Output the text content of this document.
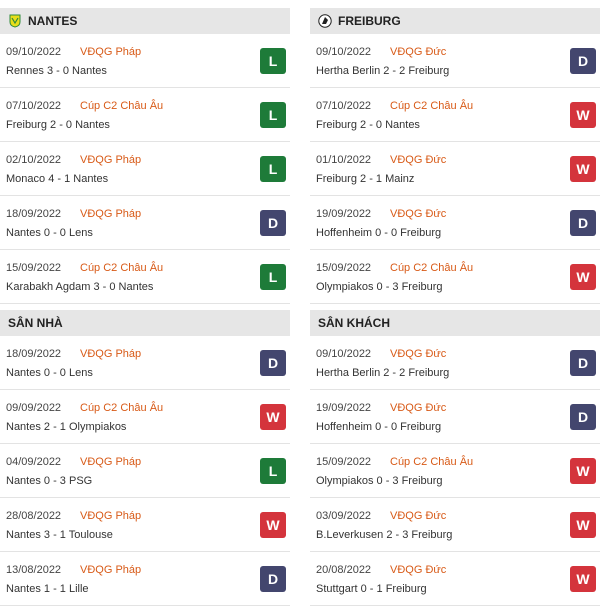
NANTES
09/10/2022 VĐQG Pháp
Rennes 3 - 0 Nantes
L
07/10/2022 Cúp C2 Châu Âu
Freiburg 2 - 0 Nantes
L
02/10/2022 VĐQG Pháp
Monaco 4 - 1 Nantes
L
18/09/2022 VĐQG Pháp
Nantes 0 - 0 Lens
D
15/09/2022 Cúp C2 Châu Âu
Karabakh Agdam 3 - 0 Nantes
L
SÂN NHÀ
18/09/2022 VĐQG Pháp
Nantes 0 - 0 Lens
D
09/09/2022 Cúp C2 Châu Âu
Nantes 2 - 1 Olympiakos
W
04/09/2022 VĐQG Pháp
Nantes 0 - 3 PSG
L
28/08/2022 VĐQG Pháp
Nantes 3 - 1 Toulouse
W
13/08/2022 VĐQG Pháp
Nantes 1 - 1 Lille
D
FREIBURG
09/10/2022 VĐQG Đức
Hertha Berlin 2 - 2 Freiburg
D
07/10/2022 Cúp C2 Châu Âu
Freiburg 2 - 0 Nantes
W
01/10/2022 VĐQG Đức
Freiburg 2 - 1 Mainz
W
19/09/2022 VĐQG Đức
Hoffenheim 0 - 0 Freiburg
D
15/09/2022 Cúp C2 Châu Âu
Olympiakos 0 - 3 Freiburg
W
SÂN KHÁCH
09/10/2022 VĐQG Đức
Hertha Berlin 2 - 2 Freiburg
D
19/09/2022 VĐQG Đức
Hoffenheim 0 - 0 Freiburg
D
15/09/2022 Cúp C2 Châu Âu
Olympiakos 0 - 3 Freiburg
W
03/09/2022 VĐQG Đức
B.Leverkusen 2 - 3 Freiburg
W
20/08/2022 VĐQG Đức
Stuttgart 0 - 1 Freiburg
W
